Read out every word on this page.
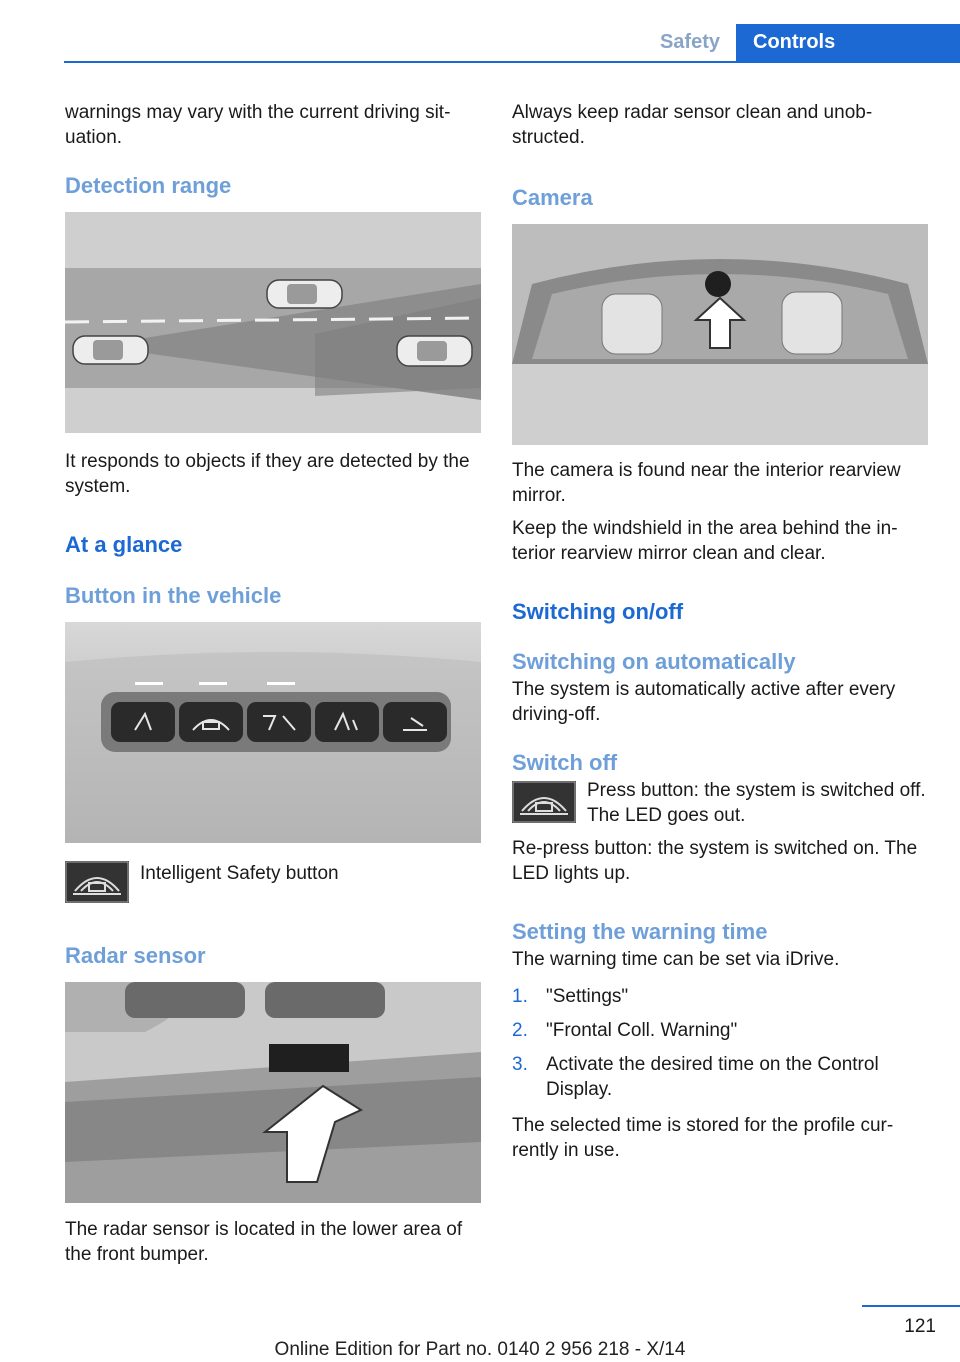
Safety	Controls

warnings may vary with the current driving sit‐uation.

Detection range

It responds to objects if they are detected by the system.

At a glance
Button in the vehicle

Intelligent Safety button

Radar sensor

The radar sensor is located in the lower area of the front bumper.

Always keep radar sensor clean and unob‐structed.

Camera

The camera is found near the interior rearview mirror.

Keep the windshield in the area behind the in‐terior rearview mirror clean and clear.

Switching on/off
Switching on automatically

The system is automatically active after every driving-off.

Switch off

Press button: the system is switched off. The LED goes out.

Re-press button: the system is switched on. The LED lights up.

Setting the warning time

The warning time can be set via iDrive.

1. "Settings"
2. "Frontal Coll. Warning"
3. Activate the desired time on the Control Display.

The selected time is stored for the profile cur‐rently in use.

121
Online Edition for Part no. 0140 2 956 218 - X/14
